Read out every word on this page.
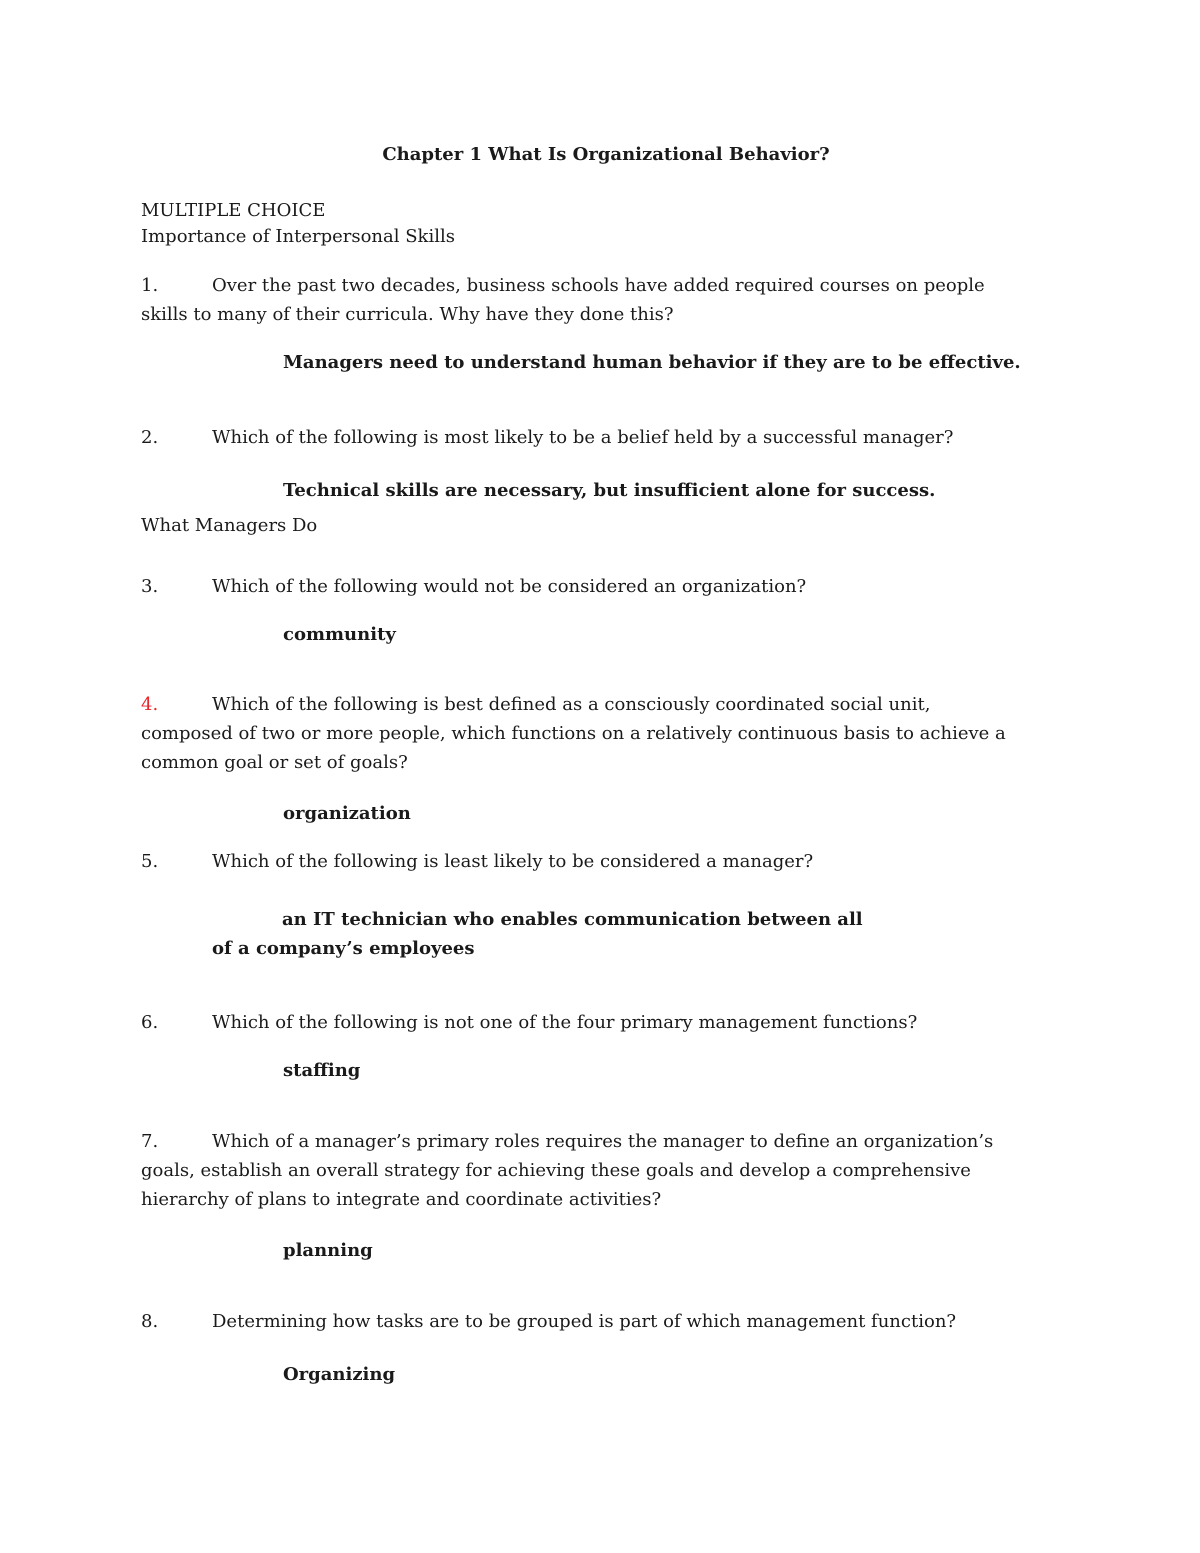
Chapter 1 What Is Organizational Behavior?

MULTIPLE CHOICE

Importance of Interpersonal Skills

1.	Over the past two decades, business schools have added required courses on people skills to many of their curricula. Why have they done this?

Managers need to understand human behavior if they are to be effective.

2.	Which of the following is most likely to be a belief held by a successful manager?

Technical skills are necessary, but insufficient alone for success.

What Managers Do

3.	Which of the following would not be considered an organization?

community

4.	Which of the following is best defined as a consciously coordinated social unit, composed of two or more people, which functions on a relatively continuous basis to achieve a common goal or set of goals?

organization

5.	Which of the following is least likely to be considered a manager?

an IT technician who enables communication between all of a company’s employees

6.	Which of the following is not one of the four primary management functions?

staffing

7.	Which of a manager’s primary roles requires the manager to define an organization’s goals, establish an overall strategy for achieving these goals and develop a comprehensive hierarchy of plans to integrate and coordinate activities?

planning

8.	Determining how tasks are to be grouped is part of which management function?

Organizing
